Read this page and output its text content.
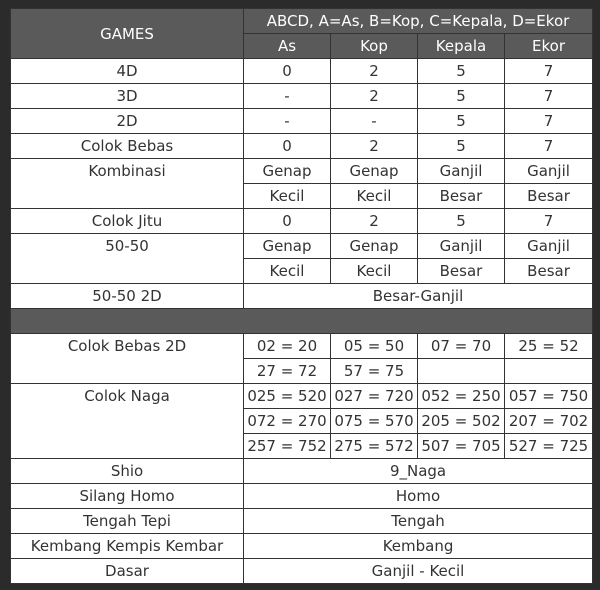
GAMES	ABCD, A=As, B=Kop, C=Kepala, D=Ekor			
	As	Kop	Kepala	Ekor
4D	0	2	5	7
3D	-	2	5	7
2D	-	-	5	7
Colok Bebas	0	2	5	7
Kombinasi	Genap	Genap	Ganjil	Ganjil
	Kecil	Kecil	Besar	Besar
Colok Jitu	0	2	5	7
50-50	Genap	Genap	Ganjil	Ganjil
	Kecil	Kecil	Besar	Besar
50-50 2D	Besar-Ganjil			

Colok Bebas 2D	02 = 20	05 = 50	07 = 70	25 = 52
	27 = 72	57 = 75		
Colok Naga	025 = 520	027 = 720	052 = 250	057 = 750
	072 = 270	075 = 570	205 = 502	207 = 702
	257 = 752	275 = 572	507 = 705	527 = 725
Shio	9_Naga			
Silang Homo	Homo			
Tengah Tepi	Tengah			
Kembang Kempis Kembar	Kembang			
Dasar	Ganjil - Kecil			
